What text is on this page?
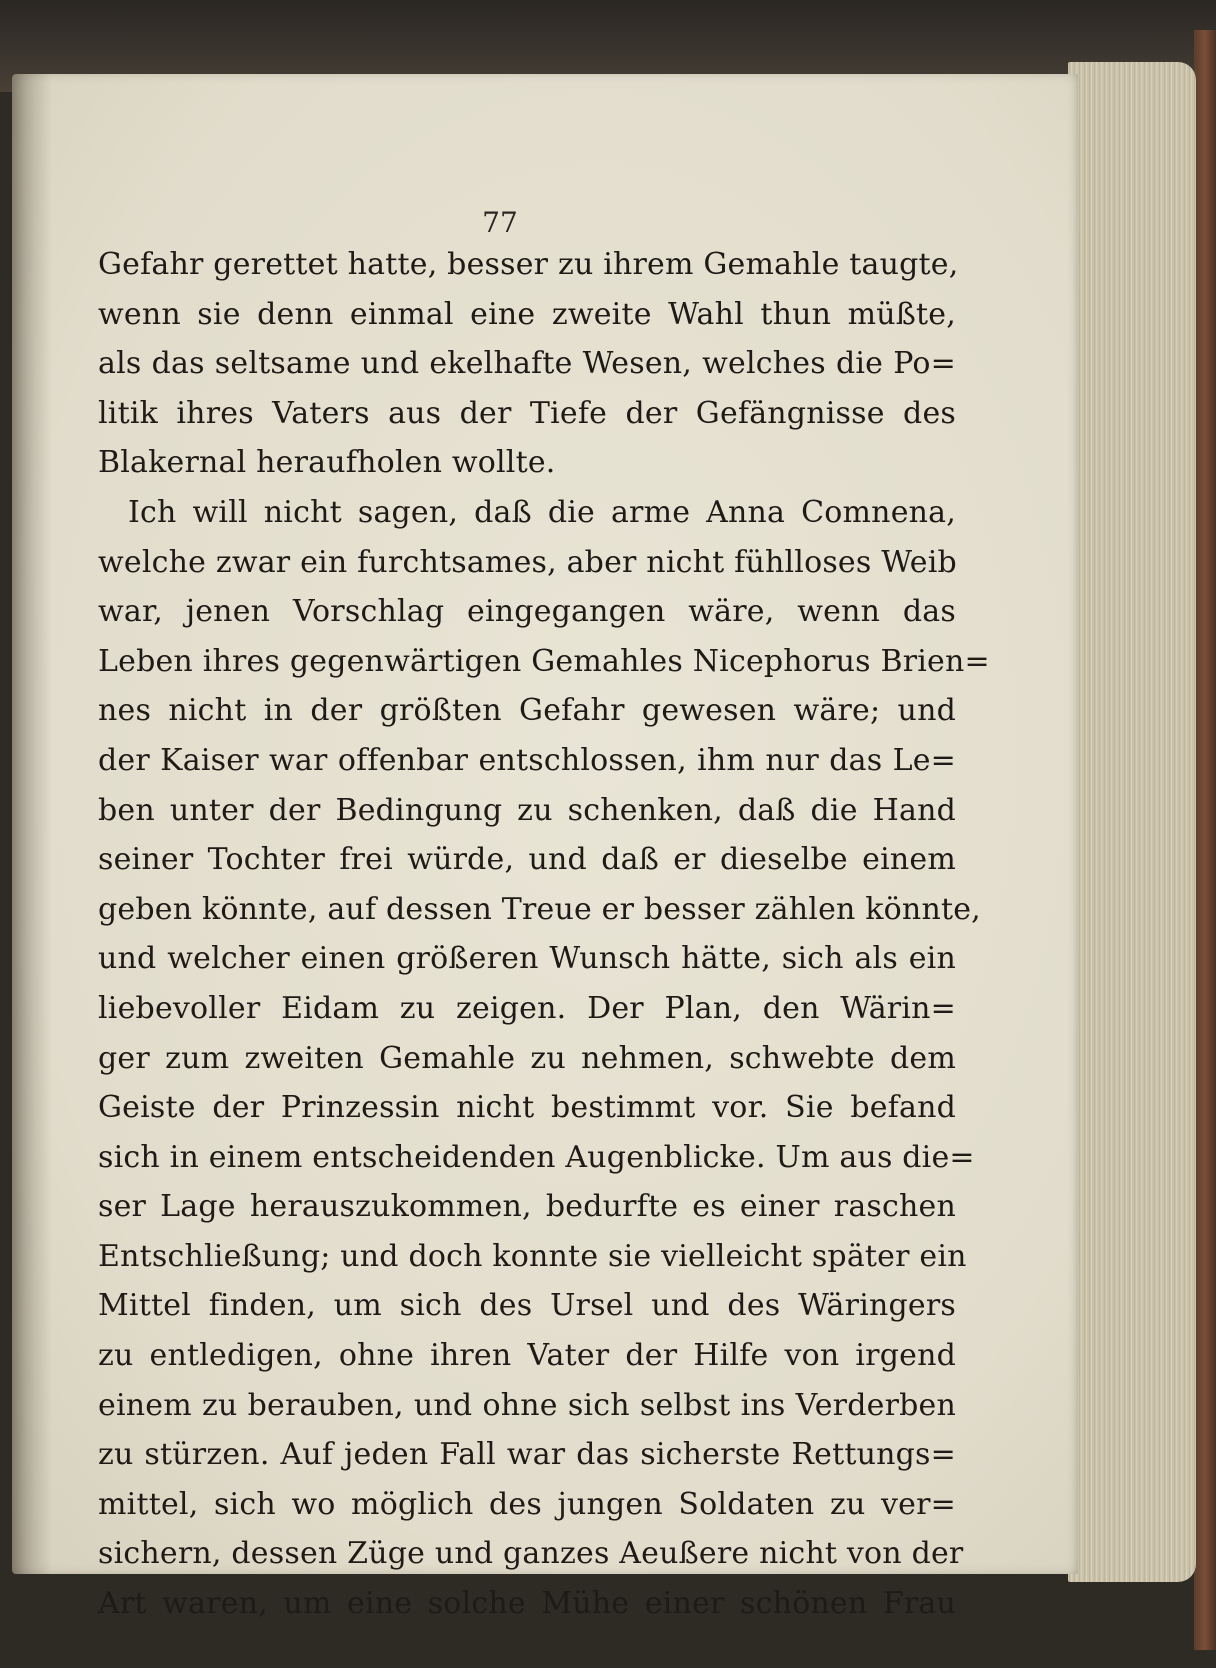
77
Gefahr gerettet hatte, besser zu ihrem Gemahle taugte,
wenn sie denn einmal eine zweite Wahl thun müßte,
als das seltsame und ekelhafte Wesen, welches die Po=
litik ihres Vaters aus der Tiefe der Gefängnisse des
Blakernal heraufholen wollte.
Ich will nicht sagen, daß die arme Anna Comnena,
welche zwar ein furchtsames, aber nicht fühlloses Weib
war, jenen Vorschlag eingegangen wäre, wenn das
Leben ihres gegenwärtigen Gemahles Nicephorus Brien=
nes nicht in der größten Gefahr gewesen wäre; und
der Kaiser war offenbar entschlossen, ihm nur das Le=
ben unter der Bedingung zu schenken, daß die Hand
seiner Tochter frei würde, und daß er dieselbe einem
geben könnte, auf dessen Treue er besser zählen könnte,
und welcher einen größeren Wunsch hätte, sich als ein
liebevoller Eidam zu zeigen. Der Plan, den Wärin=
ger zum zweiten Gemahle zu nehmen, schwebte dem
Geiste der Prinzessin nicht bestimmt vor. Sie befand
sich in einem entscheidenden Augenblicke. Um aus die=
ser Lage herauszukommen, bedurfte es einer raschen
Entschließung; und doch konnte sie vielleicht später ein
Mittel finden, um sich des Ursel und des Wäringers
zu entledigen, ohne ihren Vater der Hilfe von irgend
einem zu berauben, und ohne sich selbst ins Verderben
zu stürzen. Auf jeden Fall war das sicherste Rettungs=
mittel, sich wo möglich des jungen Soldaten zu ver=
sichern, dessen Züge und ganzes Aeußere nicht von der
Art waren, um eine solche Mühe einer schönen Frau
